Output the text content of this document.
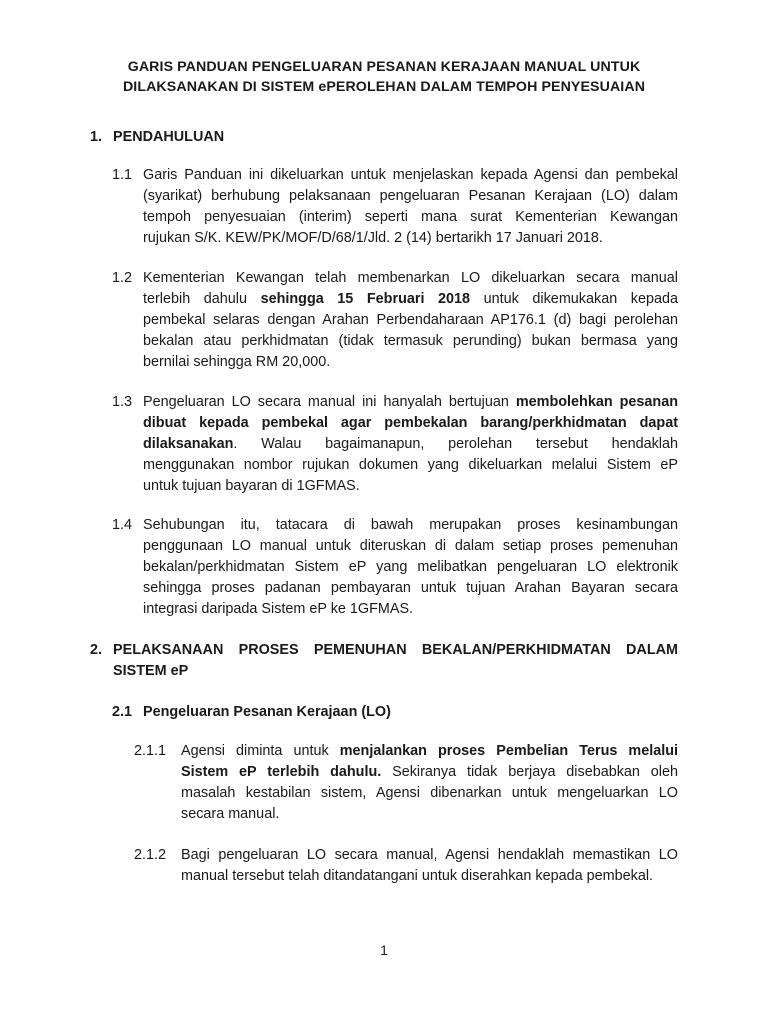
GARIS PANDUAN PENGELUARAN PESANAN KERAJAAN MANUAL UNTUK
DILAKSANAKAN DI SISTEM ePEROLEHAN DALAM TEMPOH PENYESUAIAN
1. PENDAHULUAN
1.1 Garis Panduan ini dikeluarkan untuk menjelaskan kepada Agensi dan pembekal
(syarikat) berhubung pelaksanaan pengeluaran Pesanan Kerajaan (LO) dalam
tempoh penyesuaian (interim) seperti mana surat Kementerian Kewangan
rujukan S/K. KEW/PK/MOF/D/68/1/Jld. 2 (14) bertarikh 17 Januari 2018.
1.2 Kementerian Kewangan telah membenarkan LO dikeluarkan secara manual
terlebih dahulu sehingga 15 Februari 2018 untuk dikemukakan kepada
pembekal selaras dengan Arahan Perbendaharaan AP176.1 (d) bagi perolehan
bekalan atau perkhidmatan (tidak termasuk perunding) bukan bermasa yang
bernilai sehingga RM 20,000.
1.3 Pengeluaran LO secara manual ini hanyalah bertujuan membolehkan pesanan
dibuat kepada pembekal agar pembekalan barang/perkhidmatan dapat
dilaksanakan. Walau bagaimanapun, perolehan tersebut hendaklah
menggunakan nombor rujukan dokumen yang dikeluarkan melalui Sistem eP
untuk tujuan bayaran di 1GFMAS.
1.4 Sehubungan itu, tatacara di bawah merupakan proses kesinambungan
penggunaan LO manual untuk diteruskan di dalam setiap proses pemenuhan
bekalan/perkhidmatan Sistem eP yang melibatkan pengeluaran LO elektronik
sehingga proses padanan pembayaran untuk tujuan Arahan Bayaran secara
integrasi daripada Sistem eP ke 1GFMAS.
2. PELAKSANAAN PROSES PEMENUHAN BEKALAN/PERKHIDMATAN DALAM
SISTEM eP
2.1 Pengeluaran Pesanan Kerajaan (LO)
2.1.1 Agensi diminta untuk menjalankan proses Pembelian Terus melalui
Sistem eP terlebih dahulu. Sekiranya tidak berjaya disebabkan oleh
masalah kestabilan sistem, Agensi dibenarkan untuk mengeluarkan LO
secara manual.
2.1.2 Bagi pengeluaran LO secara manual, Agensi hendaklah memastikan LO
manual tersebut telah ditandatangani untuk diserahkan kepada pembekal.
1
